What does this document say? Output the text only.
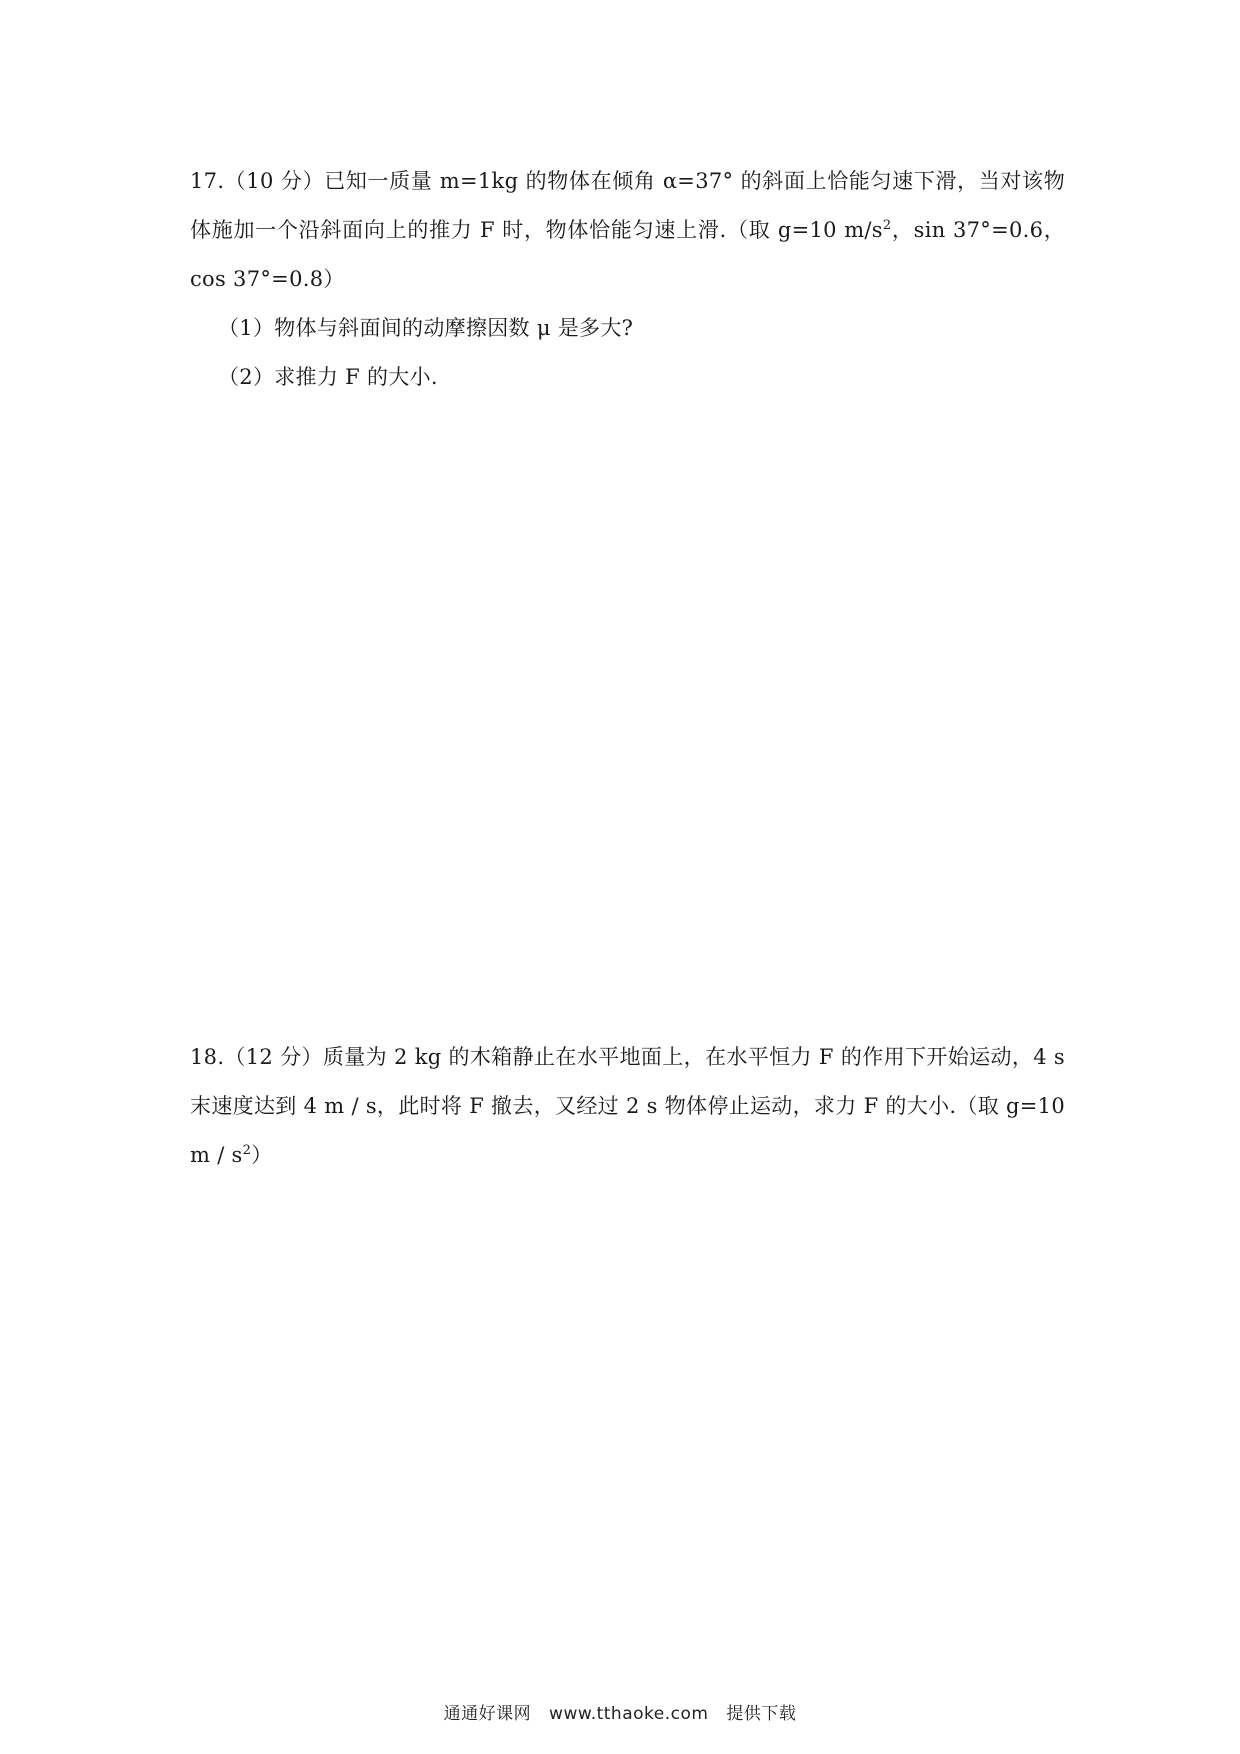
17.（10 分）已知一质量 m=1kg 的物体在倾角 α=37° 的斜面上恰能匀速下滑，当对该物体施加一个沿斜面向上的推力 F 时，物体恰能匀速上滑.（取 g=10 $m/s^2$，sin 37°=0.6，cos 37°=0.8）

（1）物体与斜面间的动摩擦因数 μ 是多大?

（2）求推力 F 的大小.

18.（12 分）质量为 2 kg 的木箱静止在水平地面上，在水平恒力 F 的作用下开始运动，4 s 末速度达到 4 m / s，此时将 F 撤去，又经过 2 s 物体停止运动，求力 F 的大小.（取 g=10 m / $s^2$）

通通好课网 www.tthaoke.com 提供下载
